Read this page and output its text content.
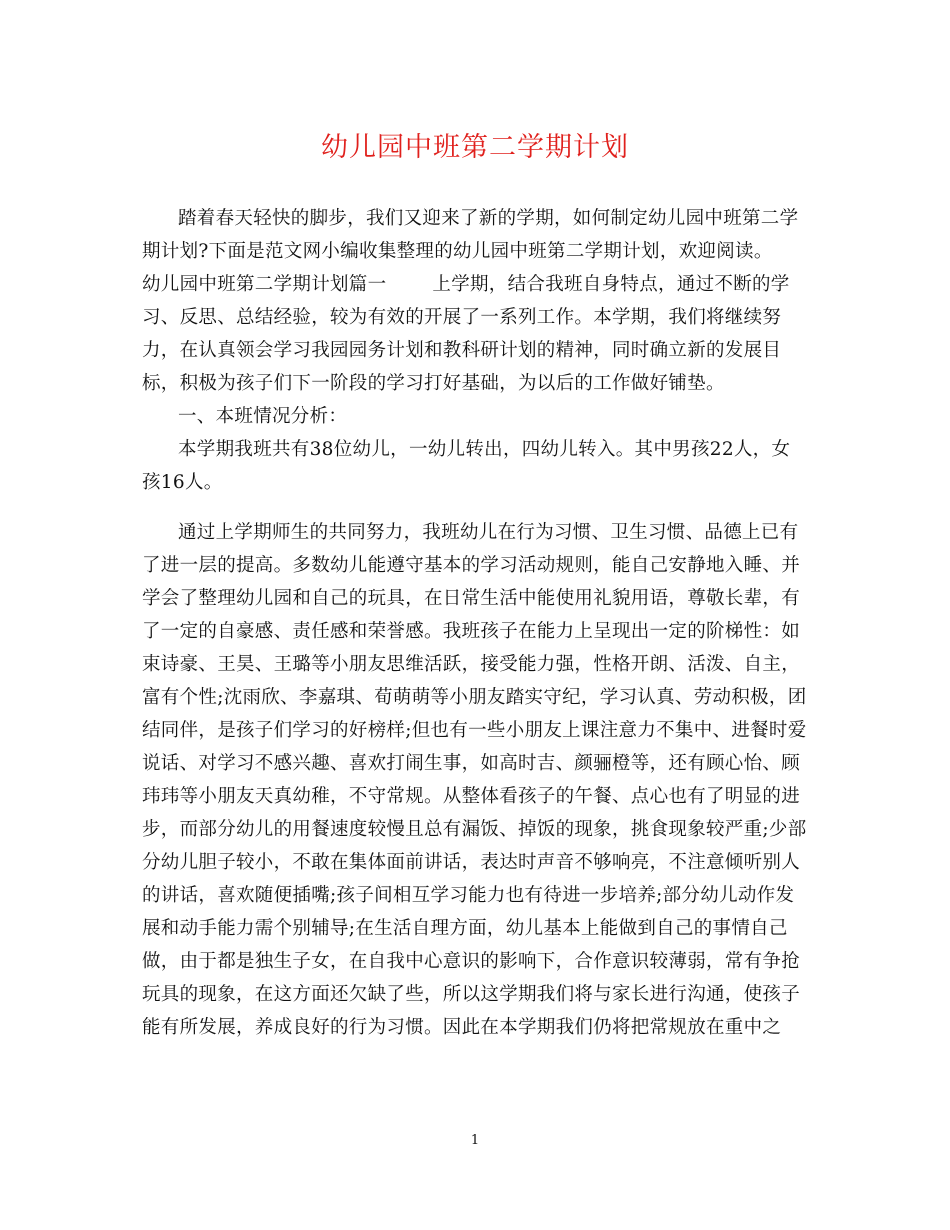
幼儿园中班第二学期计划
踏着春天轻快的脚步，我们又迎来了新的学期，如何制定幼儿园中班第二学
期计划?下面是范文网小编收集整理的幼儿园中班第二学期计划，欢迎阅读。
幼儿园中班第二学期计划篇一 上学期，结合我班自身特点，通过不断的学
习、反思、总结经验，较为有效的开展了一系列工作。本学期，我们将继续努
力，在认真领会学习我园园务计划和教科研计划的精神，同时确立新的发展目
标，积极为孩子们下一阶段的学习打好基础，为以后的工作做好铺垫。
一、本班情况分析：
本学期我班共有38位幼儿，一幼儿转出，四幼儿转入。其中男孩22人，女
孩16人。
通过上学期师生的共同努力，我班幼儿在行为习惯、卫生习惯、品德上已有
了进一层的提高。多数幼儿能遵守基本的学习活动规则，能自己安静地入睡、并
学会了整理幼儿园和自己的玩具，在日常生活中能使用礼貌用语，尊敬长辈，有
了一定的自豪感、责任感和荣誉感。我班孩子在能力上呈现出一定的阶梯性：如
束诗豪、王昊、王璐等小朋友思维活跃，接受能力强，性格开朗、活泼、自主，
富有个性;沈雨欣、李嘉琪、荀萌萌等小朋友踏实守纪，学习认真、劳动积极，团
结同伴，是孩子们学习的好榜样;但也有一些小朋友上课注意力不集中、进餐时爱
说话、对学习不感兴趣、喜欢打闹生事，如高时吉、颜骊橙等，还有顾心怡、顾
玮玮等小朋友天真幼稚，不守常规。从整体看孩子的午餐、点心也有了明显的进
步，而部分幼儿的用餐速度较慢且总有漏饭、掉饭的现象，挑食现象较严重;少部
分幼儿胆子较小，不敢在集体面前讲话，表达时声音不够响亮，不注意倾听别人
的讲话，喜欢随便插嘴;孩子间相互学习能力也有待进一步培养;部分幼儿动作发
展和动手能力需个别辅导;在生活自理方面，幼儿基本上能做到自己的事情自己
做，由于都是独生子女，在自我中心意识的影响下，合作意识较薄弱，常有争抢
玩具的现象，在这方面还欠缺了些，所以这学期我们将与家长进行沟通，使孩子
能有所发展，养成良好的行为习惯。因此在本学期我们仍将把常规放在重中之
1
